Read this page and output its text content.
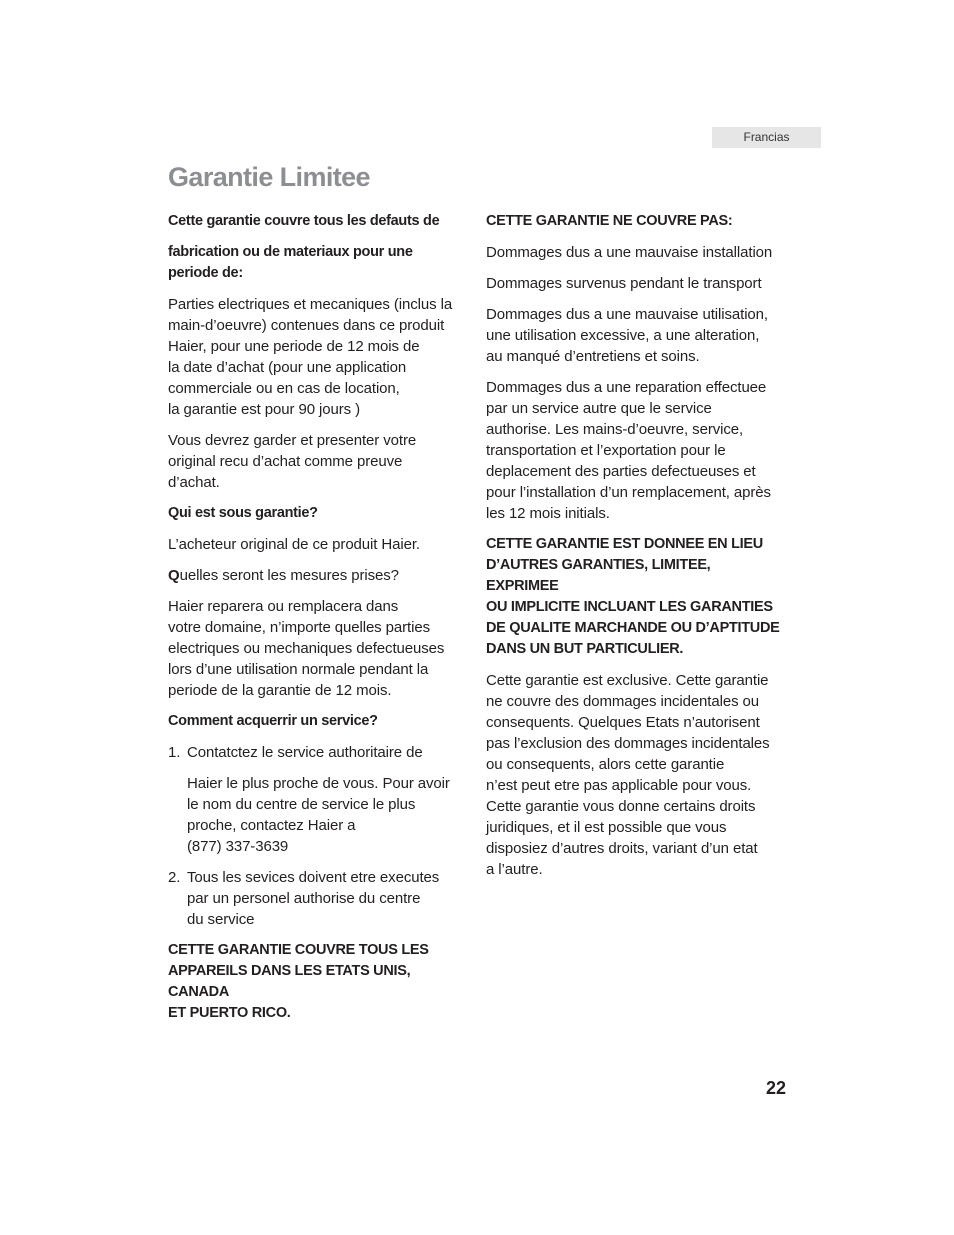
Francias
Garantie Limitee

Cette garantie couvre tous les defauts de

fabrication ou de materiaux pour une periode de:

Parties electriques et mecaniques (inclus la
main-d’oeuvre) contenues dans ce produit
Haier, pour une periode de 12 mois de
la date d’achat (pour une application
commerciale ou en cas de location,
la garantie est pour 90 jours )

Vous devrez garder et presenter votre original recu d’achat comme preuve d’achat.

Qui est sous garantie?

L’acheteur original de ce produit Haier.

Quelles seront les mesures prises?

Haier reparera ou remplacera dans
votre domaine, n’importe quelles parties
electriques ou mechaniques defectueuses
lors d’une utilisation normale pendant la
periode de la garantie de 12 mois.

Comment acquerrir un service?

1. Contatctez le service authoritaire de

Haier le plus proche de vous. Pour avoir
le nom du centre de service le plus
proche, contactez Haier a
(877) 337-3639

2. Tous les sevices doivent etre executes
par un personel authorise du centre
du service

CETTE GARANTIE COUVRE TOUS LES
APPAREILS DANS LES ETATS UNIS, CANADA
ET PUERTO RICO.

CETTE GARANTIE NE COUVRE PAS:

Dommages dus a une mauvaise installation

Dommages survenus pendant le transport

Dommages dus a une mauvaise utilisation,
une utilisation excessive, a une alteration,
au manqué d’entretiens et soins.

Dommages dus a une reparation effectuee
par un service autre que le service
authorise. Les mains-d’oeuvre, service,
transportation et l’exportation pour le
deplacement des parties defectueuses et
pour l’installation d’un remplacement, après
les 12 mois initials.

CETTE GARANTIE EST DONNEE EN LIEU
D’AUTRES GARANTIES, LIMITEE, EXPRIMEE
OU IMPLICITE INCLUANT LES GARANTIES
DE QUALITE MARCHANDE OU D’APTITUDE
DANS UN BUT PARTICULIER.

Cette garantie est exclusive. Cette garantie
ne couvre des dommages incidentales ou
consequents. Quelques Etats n’autorisent
pas l’exclusion des dommages incidentales
ou consequents, alors cette garantie
n’est peut etre pas applicable pour vous.
Cette garantie vous donne certains droits
juridiques, et il est possible que vous
disposiez d’autres droits, variant d’un etat
a l’autre.

22
